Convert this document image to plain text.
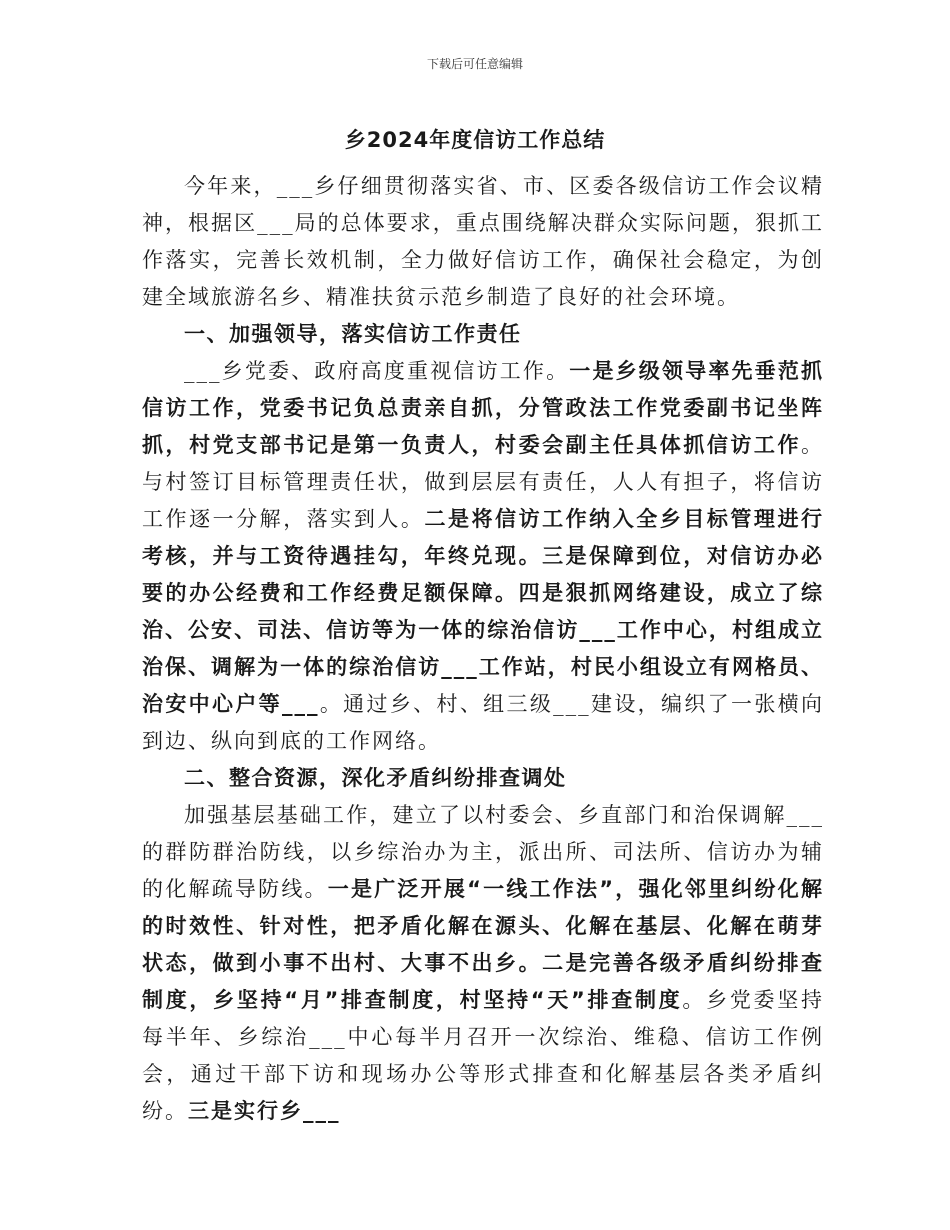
下载后可任意编辑
乡2024年度信访工作总结

今年来，___乡仔细贯彻落实省、市、区委各级信访工作会议精神，根据区___局的总体要求，重点围绕解决群众实际问题，狠抓工作落实，完善长效机制，全力做好信访工作，确保社会稳定，为创建全域旅游名乡、精准扶贫示范乡制造了良好的社会环境。

一、加强领导，落实信访工作责任

___乡党委、政府高度重视信访工作。一是乡级领导率先垂范抓信访工作，党委书记负总责亲自抓，分管政法工作党委副书记坐阵抓，村党支部书记是第一负责人，村委会副主任具体抓信访工作。与村签订目标管理责任状，做到层层有责任，人人有担子，将信访工作逐一分解，落实到人。二是将信访工作纳入全乡目标管理进行考核，并与工资待遇挂勾，年终兑现。三是保障到位，对信访办必要的办公经费和工作经费足额保障。四是狠抓网络建设，成立了综治、公安、司法、信访等为一体的综治信访___工作中心，村组成立治保、调解为一体的综治信访___工作站，村民小组设立有网格员、治安中心户等___。通过乡、村、组三级___建设，编织了一张横向到边、纵向到底的工作网络。

二、整合资源，深化矛盾纠纷排查调处

加强基层基础工作，建立了以村委会、乡直部门和治保调解___的群防群治防线，以乡综治办为主，派出所、司法所、信访办为辅的化解疏导防线。一是广泛开展“一线工作法”，强化邻里纠纷化解的时效性、针对性，把矛盾化解在源头、化解在基层、化解在萌芽状态，做到小事不出村、大事不出乡。二是完善各级矛盾纠纷排查制度，乡坚持“月”排查制度，村坚持“天”排查制度。乡党委坚持每半年、乡综治___中心每半月召开一次综治、维稳、信访工作例会，通过干部下访和现场办公等形式排查和化解基层各类矛盾纠纷。三是实行乡___
